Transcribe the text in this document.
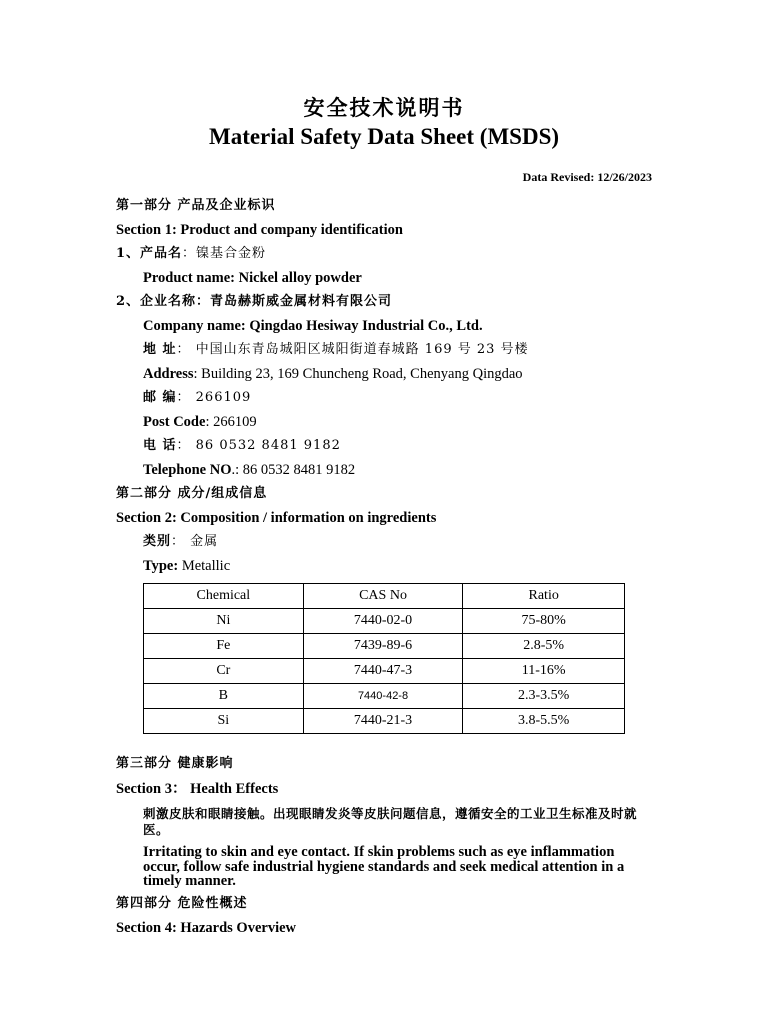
安全技术说明书
Material Safety Data Sheet (MSDS)
Data Revised: 12/26/2023
第一部分 产品及企业标识
Section 1: Product and company identification
1、产品名：镍基合金粉
Product name: Nickel alloy powder
2、企业名称：青岛赫斯威金属材料有限公司
Company name: Qingdao Hesiway Industrial Co., Ltd.
地 址： 中国山东青岛城阳区城阳街道春城路 169 号 23 号楼
Address: Building 23, 169 Chuncheng Road, Chenyang Qingdao
邮 编： 266109
Post Code: 266109
电 话： 86 0532 8481 9182
Telephone NO.: 86 0532 8481 9182
第二部分 成分/组成信息
Section 2: Composition / information on ingredients
类别： 金属
Type: Metallic
Chemical	CAS No	Ratio
Ni	7440-02-0	75-80%
Fe	7439-89-6	2.8-5%
Cr	7440-47-3	11-16%
B	7440-42-8	2.3-3.5%
Si	7440-21-3	3.8-5.5%
第三部分 健康影响
Section 3： Health Effects
刺激皮肤和眼睛接触。出现眼睛发炎等皮肤问题信息，遵循安全的工业卫生标准及时就医。
Irritating to skin and eye contact. If skin problems such as eye inflammation occur, follow safe industrial hygiene standards and seek medical attention in a timely manner.
第四部分 危险性概述
Section 4: Hazards Overview
